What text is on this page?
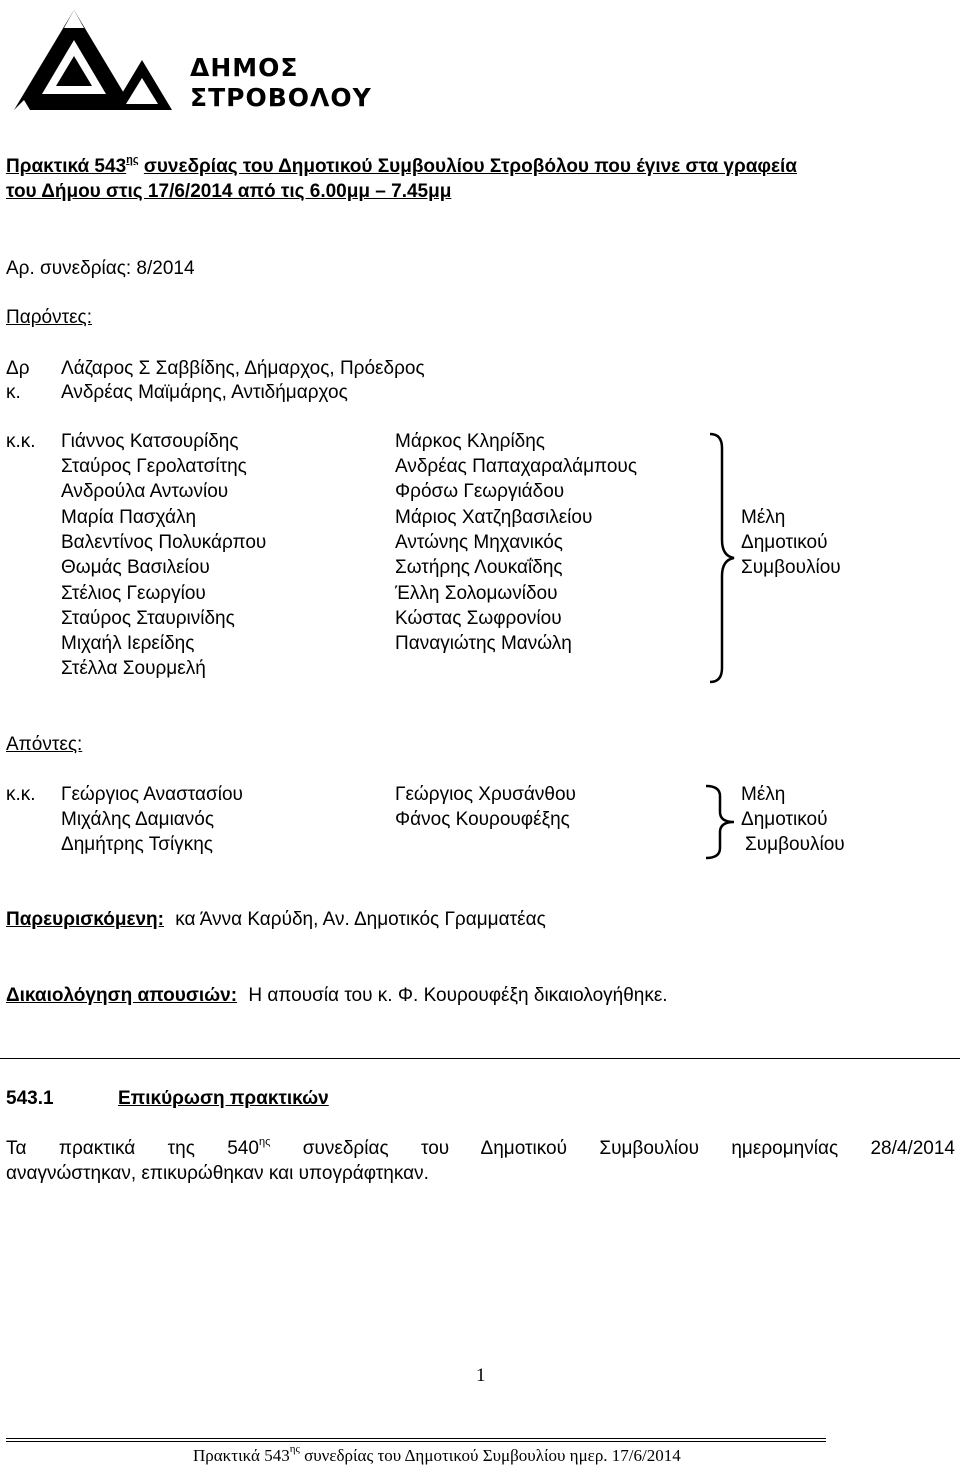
ΔΗΜΟΣ
ΣΤΡΟΒΟΛΟΥ
Πρακτικά $543^{\eta\varsigma}$ συνεδρίας του Δημοτικού Συμβουλίου Στροβόλου που έγινε στα γραφεία
του Δήμου στις 17/6/2014 από τις 6.00μμ – 7.45μμ
Αρ. συνεδρίας: 8/2014
Παρόντες:
Δρ Λάζαρος Σ Σαββίδης, Δήμαρχος, Πρόεδρος
κ. Ανδρέας Μαϊμάρης, Αντιδήμαρχος
κ.κ. Γιάννος Κατσουρίδης
Σταύρος Γερολατσίτης
Ανδρούλα Αντωνίου
Μαρία Πασχάλη
Βαλεντίνος Πολυκάρπου
Θωμάς Βασιλείου
Στέλιος Γεωργίου
Σταύρος Σταυρινίδης
Μιχαήλ Ιερείδης
Στέλλα Σουρμελή
Μάρκος Κληρίδης
Ανδρέας Παπαχαραλάμπους
Φρόσω Γεωργιάδου
Μάριος Χατζηβασιλείου
Αντώνης Μηχανικός
Σωτήρης Λουκαΐδης
Έλλη Σολομωνίδου
Κώστας Σωφρονίου
Παναγιώτης Μανώλη
Μέλη
Δημοτικού
Συμβουλίου
Απόντες:
κ.κ. Γεώργιος Αναστασίου
Μιχάλης Δαμιανός
Δημήτρης Τσίγκης
Γεώργιος Χρυσάνθου
Φάνος Κουρουφέξης
Μέλη
Δημοτικού
Συμβουλίου
Παρευρισκόμενη: κα Άννα Καρύδη, Αν. Δημοτικός Γραμματέας
Δικαιολόγηση απουσιών: Η απουσία του κ. Φ. Κουρουφέξη δικαιολογήθηκε.
543.1	Επικύρωση πρακτικών
Τα πρακτικά της $540^{\eta\varsigma}$ συνεδρίας του Δημοτικού Συμβουλίου ημερομηνίας 28/4/2014
αναγνώστηκαν, επικυρώθηκαν και υπογράφτηκαν.
1
Πρακτικά $543^{\eta\varsigma}$ συνεδρίας του Δημοτικού Συμβουλίου ημερ. 17/6/2014
